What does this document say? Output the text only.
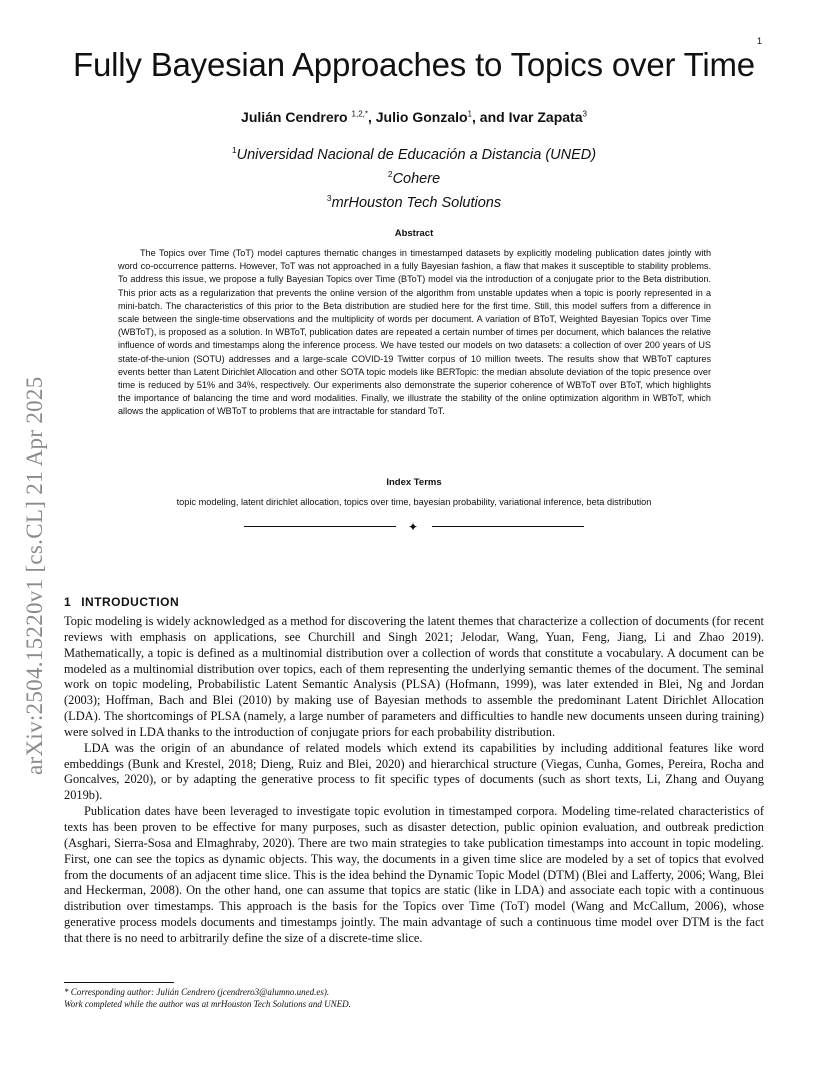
1
Fully Bayesian Approaches to Topics over Time
Julián Cendrero $^{1,2,*}$, Julio Gonzalo$^1$, and Ivar Zapata$^3$
$^1$Universidad Nacional de Educación a Distancia (UNED)
$^2$Cohere
$^3$mrHouston Tech Solutions
Abstract
The Topics over Time (ToT) model captures thematic changes in timestamped datasets by explicitly modeling publication dates jointly with word co-occurrence patterns. However, ToT was not approached in a fully Bayesian fashion, a flaw that makes it susceptible to stability problems. To address this issue, we propose a fully Bayesian Topics over Time (BToT) model via the introduction of a conjugate prior to the Beta distribution. This prior acts as a regularization that prevents the online version of the algorithm from unstable updates when a topic is poorly represented in a mini-batch. The characteristics of this prior to the Beta distribution are studied here for the first time. Still, this model suffers from a difference in scale between the single-time observations and the multiplicity of words per document. A variation of BToT, Weighted Bayesian Topics over Time (WBToT), is proposed as a solution. In WBToT, publication dates are repeated a certain number of times per document, which balances the relative influence of words and timestamps along the inference process. We have tested our models on two datasets: a collection of over 200 years of US state-of-the-union (SOTU) addresses and a large-scale COVID-19 Twitter corpus of 10 million tweets. The results show that WBToT captures events better than Latent Dirichlet Allocation and other SOTA topic models like BERTopic: the median absolute deviation of the topic presence over time is reduced by 51% and 34%, respectively. Our experiments also demonstrate the superior coherence of WBToT over BToT, which highlights the importance of balancing the time and word modalities. Finally, we illustrate the stability of the online optimization algorithm in WBToT, which allows the application of WBToT to problems that are intractable for standard ToT.
Index Terms
topic modeling, latent dirichlet allocation, topics over time, bayesian probability, variational inference, beta distribution
✦
arXiv:2504.15220v1 [cs.CL] 21 Apr 2025 1 INTRODUCTION

Topic modeling is widely acknowledged as a method for discovering the latent themes that characterize a collection of documents (for recent reviews with emphasis on applications, see Churchill and Singh 2021; Jelodar, Wang, Yuan, Feng, Jiang, Li and Zhao 2019). Mathematically, a topic is defined as a multinomial distribution over a collection of words that constitute a vocabulary. A document can be modeled as a multinomial distribution over topics, each of them representing the underlying semantic themes of the document. The seminal work on topic modeling, Probabilistic Latent Semantic Analysis (PLSA) (Hofmann, 1999), was later extended in Blei, Ng and Jordan (2003); Hoffman, Bach and Blei (2010) by making use of Bayesian methods to assemble the predominant Latent Dirichlet Allocation (LDA). The shortcomings of PLSA (namely, a large number of parameters and difficulties to handle new documents unseen during training) were solved in LDA thanks to the introduction of conjugate priors for each probability distribution.

LDA was the origin of an abundance of related models which extend its capabilities by including additional features like word embeddings (Bunk and Krestel, 2018; Dieng, Ruiz and Blei, 2020) and hierarchical structure (Viegas, Cunha, Gomes, Pereira, Rocha and Goncalves, 2020), or by adapting the generative process to fit specific types of documents (such as short texts, Li, Zhang and Ouyang 2019b).

Publication dates have been leveraged to investigate topic evolution in timestamped corpora. Modeling time-related characteristics of texts has been proven to be effective for many purposes, such as disaster detection, public opinion evaluation, and outbreak prediction (Asghari, Sierra-Sosa and Elmaghraby, 2020). There are two main strategies to take publication timestamps into account in topic modeling. First, one can see the topics as dynamic objects. This way, the documents in a given time slice are modeled by a set of topics that evolved from the documents of an adjacent time slice. This is the idea behind the Dynamic Topic Model (DTM) (Blei and Lafferty, 2006; Wang, Blei and Heckerman, 2008). On the other hand, one can assume that topics are static (like in LDA) and associate each topic with a continuous distribution over timestamps. This approach is the basis for the Topics over Time (ToT) model (Wang and McCallum, 2006), whose generative process models documents and timestamps jointly. The main advantage of such a continuous time model over DTM is the fact that there is no need to arbitrarily define the size of a discrete-time slice.

* Corresponding author: Julián Cendrero (jcendrero3@alumno.uned.es).
Work completed while the author was at mrHouston Tech Solutions and UNED.
